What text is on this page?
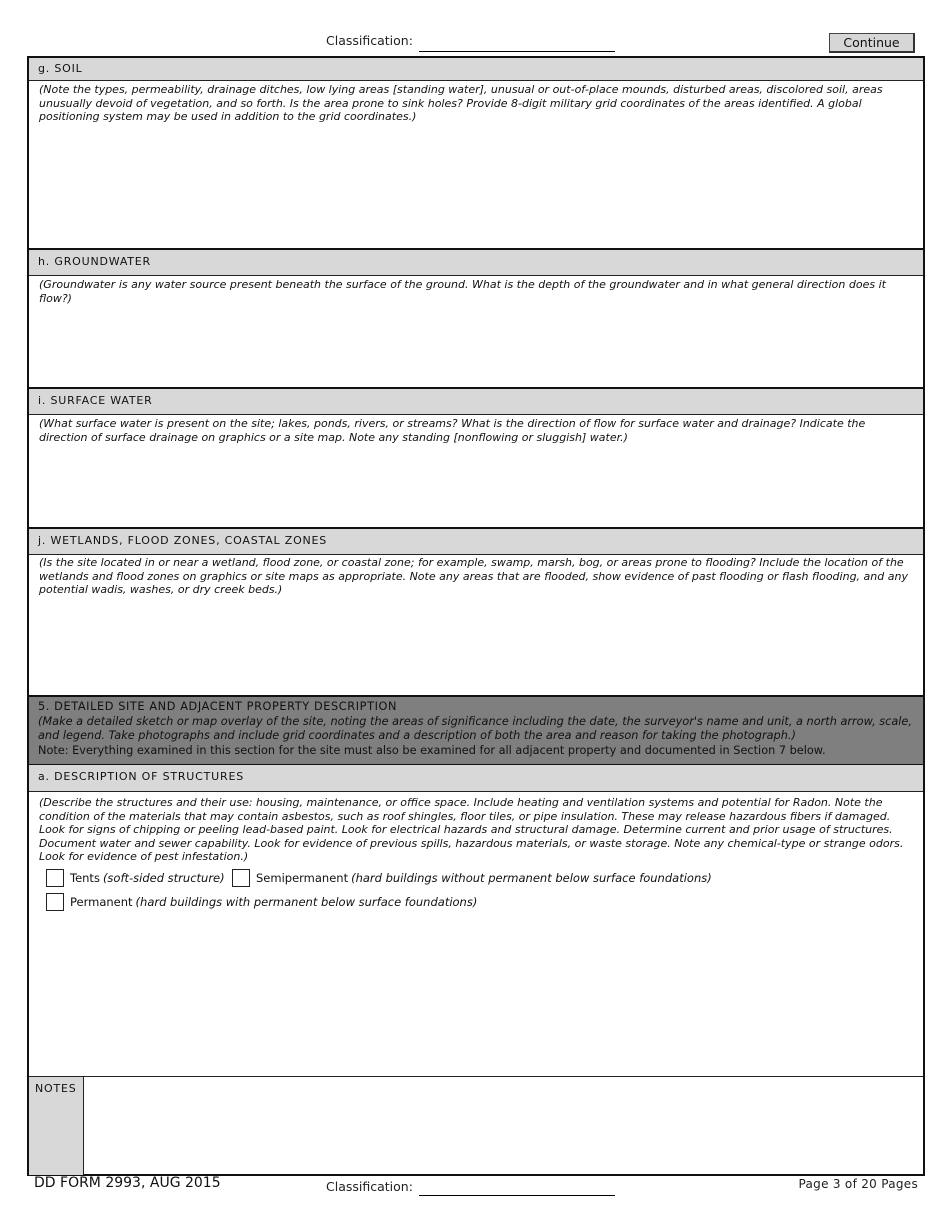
Classification:	Continue
g. SOIL
(Note the types, permeability, drainage ditches, low lying areas [standing water], unusual or out-of-place mounds, disturbed areas, discolored soil, areas unusually devoid of vegetation, and so forth. Is the area prone to sink holes? Provide 8-digit military grid coordinates of the areas identified. A global positioning system may be used in addition to the grid coordinates.)
h. GROUNDWATER
(Groundwater is any water source present beneath the surface of the ground. What is the depth of the groundwater and in what general direction does it flow?)
i. SURFACE WATER
(What surface water is present on the site; lakes, ponds, rivers, or streams? What is the direction of flow for surface water and drainage? Indicate the direction of surface drainage on graphics or a site map. Note any standing [nonflowing or sluggish] water.)
j. WETLANDS, FLOOD ZONES, COASTAL ZONES
(Is the site located in or near a wetland, flood zone, or coastal zone; for example, swamp, marsh, bog, or areas prone to flooding? Include the location of the wetlands and flood zones on graphics or site maps as appropriate. Note any areas that are flooded, show evidence of past flooding or flash flooding, and any potential wadis, washes, or dry creek beds.)
5. DETAILED SITE AND ADJACENT PROPERTY DESCRIPTION
(Make a detailed sketch or map overlay of the site, noting the areas of significance including the date, the surveyor's name and unit, a north arrow, scale, and legend. Take photographs and include grid coordinates and a description of both the area and reason for taking the photograph.)
Note: Everything examined in this section for the site must also be examined for all adjacent property and documented in Section 7 below.
a. DESCRIPTION OF STRUCTURES
(Describe the structures and their use: housing, maintenance, or office space. Include heating and ventilation systems and potential for Radon. Note the condition of the materials that may contain asbestos, such as roof shingles, floor tiles, or pipe insulation. These may release hazardous fibers if damaged. Look for signs of chipping or peeling lead-based paint. Look for electrical hazards and structural damage. Determine current and prior usage of structures. Document water and sewer capability. Look for evidence of previous spills, hazardous materials, or waste storage. Note any chemical-type or strange odors. Look for evidence of pest infestation.)
Tents (soft-sided structure)	Semipermanent (hard buildings without permanent below surface foundations)
Permanent (hard buildings with permanent below surface foundations)
NOTES
DD FORM 2993, AUG 2015	Classification:	Page 3 of 20 Pages
